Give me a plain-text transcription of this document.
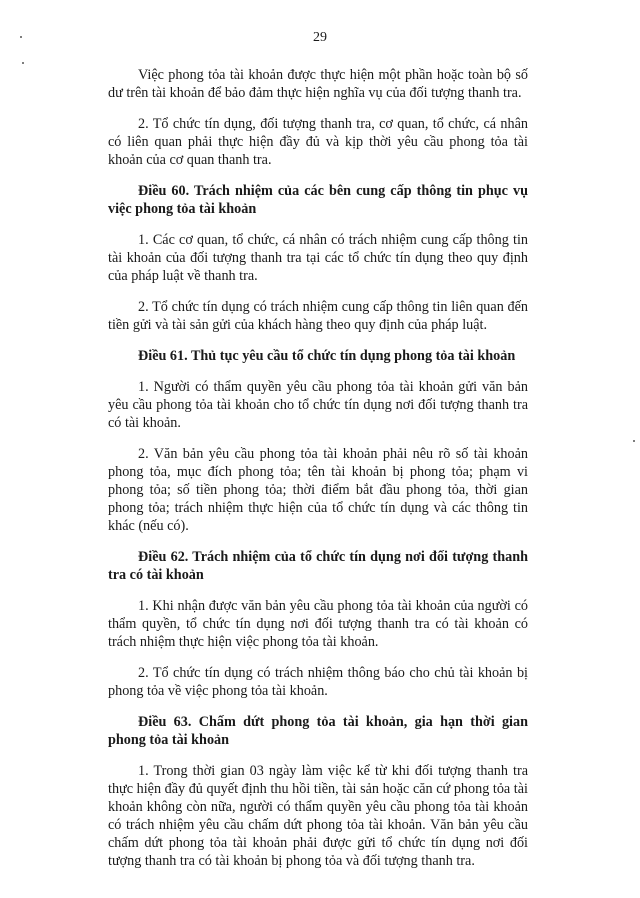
29

Việc phong tỏa tài khoản được thực hiện một phần hoặc toàn bộ số dư trên tài khoản để bảo đảm thực hiện nghĩa vụ của đối tượng thanh tra.

2. Tổ chức tín dụng, đối tượng thanh tra, cơ quan, tổ chức, cá nhân có liên quan phải thực hiện đầy đủ và kịp thời yêu cầu phong tỏa tài khoản của cơ quan thanh tra.

Điều 60. Trách nhiệm của các bên cung cấp thông tin phục vụ việc phong tỏa tài khoản

1. Các cơ quan, tổ chức, cá nhân có trách nhiệm cung cấp thông tin tài khoản của đối tượng thanh tra tại các tổ chức tín dụng theo quy định của pháp luật về thanh tra.

2. Tổ chức tín dụng có trách nhiệm cung cấp thông tin liên quan đến tiền gửi và tài sản gửi của khách hàng theo quy định của pháp luật.

Điều 61. Thủ tục yêu cầu tổ chức tín dụng phong tỏa tài khoản

1. Người có thẩm quyền yêu cầu phong tỏa tài khoản gửi văn bản yêu cầu phong tỏa tài khoản cho tổ chức tín dụng nơi đối tượng thanh tra có tài khoản.

2. Văn bản yêu cầu phong tỏa tài khoản phải nêu rõ số tài khoản phong tỏa, mục đích phong tỏa; tên tài khoản bị phong tỏa; phạm vi phong tỏa; số tiền phong tỏa; thời điểm bắt đầu phong tỏa, thời gian phong tỏa; trách nhiệm thực hiện của tổ chức tín dụng và các thông tin khác (nếu có).

Điều 62. Trách nhiệm của tổ chức tín dụng nơi đối tượng thanh tra có tài khoản

1. Khi nhận được văn bản yêu cầu phong tỏa tài khoản của người có thẩm quyền, tổ chức tín dụng nơi đối tượng thanh tra có tài khoản có trách nhiệm thực hiện việc phong tỏa tài khoản.

2. Tổ chức tín dụng có trách nhiệm thông báo cho chủ tài khoản bị phong tỏa về việc phong tỏa tài khoản.

Điều 63. Chấm dứt phong tỏa tài khoản, gia hạn thời gian phong tỏa tài khoản

1. Trong thời gian 03 ngày làm việc kể từ khi đối tượng thanh tra thực hiện đầy đủ quyết định thu hồi tiền, tài sản hoặc căn cứ phong tỏa tài khoản không còn nữa, người có thẩm quyền yêu cầu phong tỏa tài khoản có trách nhiệm yêu cầu chấm dứt phong tỏa tài khoản. Văn bản yêu cầu chấm dứt phong tỏa tài khoản phải được gửi tổ chức tín dụng nơi đối tượng thanh tra có tài khoản bị phong tỏa và đối tượng thanh tra.
